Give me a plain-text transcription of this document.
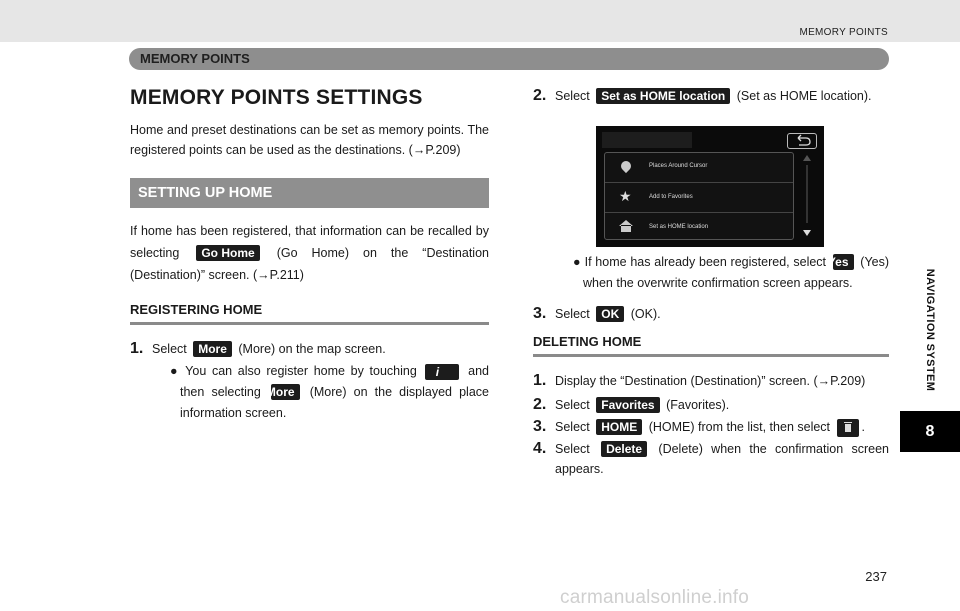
MEMORY POINTS
MEMORY POINTS
NAVIGATION SYSTEM
8
MEMORY POINTS SETTINGS
Home and preset destinations can be set as memory points. The registered points can be used as the destinations. (→P.209)
SETTING UP HOME
If home has been registered, that information can be recalled by selecting Go Home (Go Home) on the “Destination (Destination)” screen. (→P.211)
REGISTERING HOME
1. Select More (More) on the map screen.
● You can also register home by touching i and then selecting More (More) on the displayed place information screen.
2. Select Set as HOME location (Set as HOME location).
Places Around Cursor
★	Add to Favorites
Set as HOME location
● If home has already been registered, select Yes (Yes) when the overwrite confirmation screen appears.
3. Select OK (OK).
DELETING HOME
1. Display the “Destination (Destination)” screen. (→P.209)
2. Select Favorites (Favorites).
3. Select HOME (HOME) from the list, then select	.
4. Select Delete (Delete) when the confirmation screen appears.
237
carmanualsonline.info
